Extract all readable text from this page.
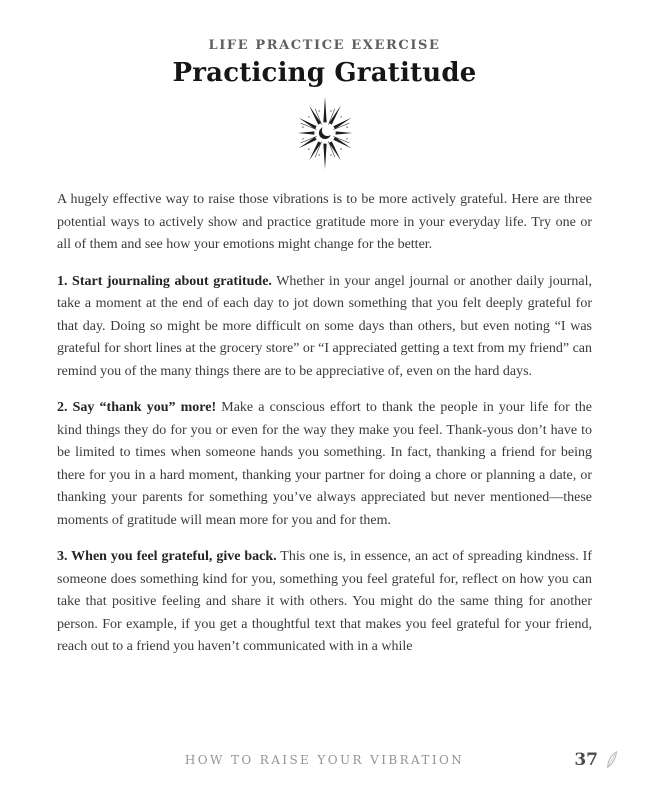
LIFE PRACTICE EXERCISE
Practicing Gratitude

A hugely effective way to raise those vibrations is to be more actively grateful. Here are three potential ways to actively show and practice gratitude more in your everyday life. Try one or all of them and see how your emotions might change for the better.

1. Start journaling about gratitude. Whether in your angel journal or another daily journal, take a moment at the end of each day to jot down something that you felt deeply grateful for that day. Doing so might be more difficult on some days than others, but even noting “I was grateful for short lines at the grocery store” or “I appreciated getting a text from my friend” can remind you of the many things there are to be appreciative of, even on the hard days.

2. Say “thank you” more! Make a conscious effort to thank the people in your life for the kind things they do for you or even for the way they make you feel. Thank-yous don’t have to be limited to times when someone hands you something. In fact, thanking a friend for being there for you in a hard moment, thanking your partner for doing a chore or planning a date, or thanking your parents for something you’ve always appreciated but never mentioned—these moments of gratitude will mean more for you and for them.

3. When you feel grateful, give back. This one is, in essence, an act of spreading kindness. If someone does something kind for you, something you feel grateful for, reflect on how you can take that positive feeling and share it with others. You might do the same thing for another person. For example, if you get a thoughtful text that makes you feel grateful for your friend, reach out to a friend you haven’t communicated with in a while

HOW TO RAISE YOUR VIBRATION	37
